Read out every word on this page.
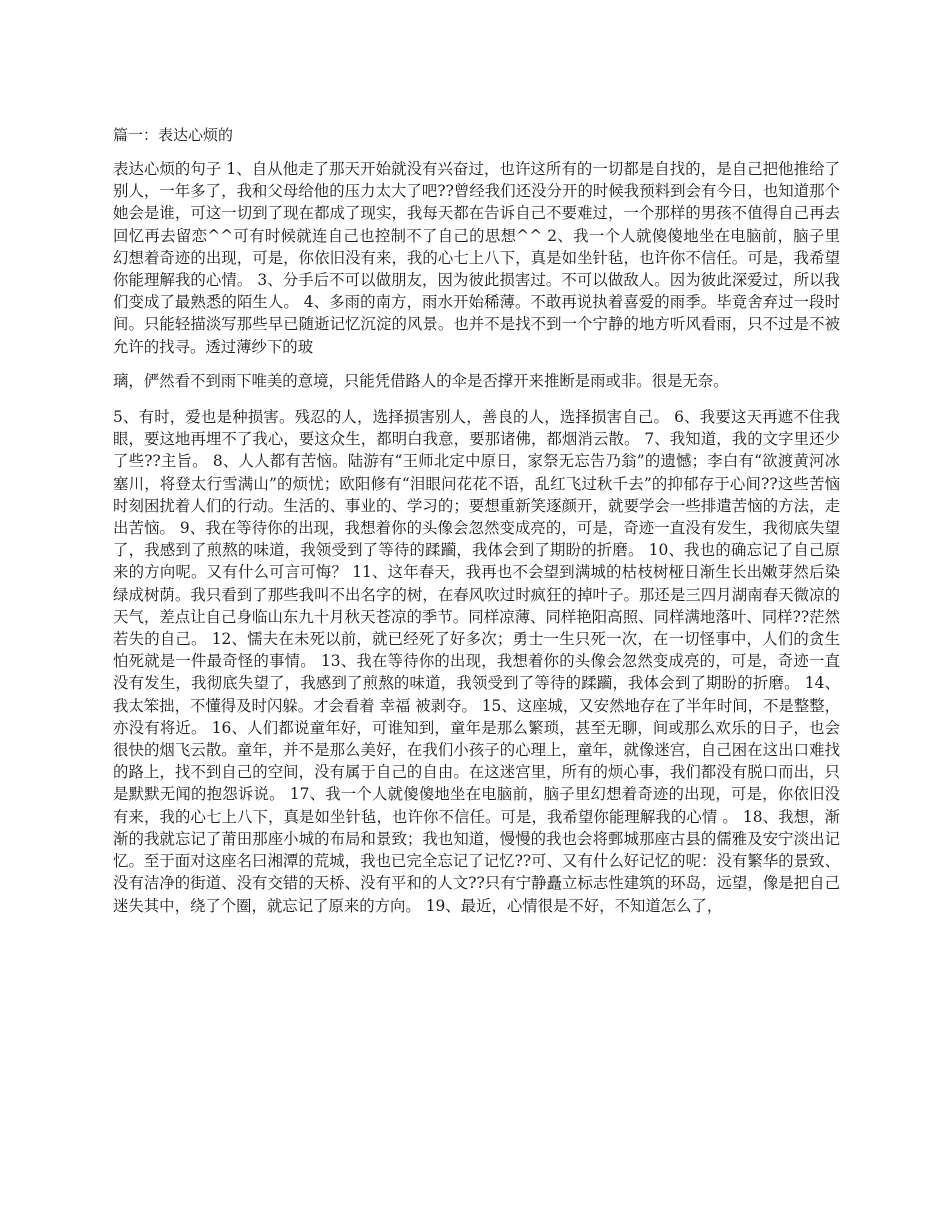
篇一：表达心烦的

表达心烦的句子 1、自从他走了那天开始就没有兴奋过，也许这所有的一切都是自找的，是自己把他推给了别人，一年多了，我和父母给他的压力太大了吧??曾经我们还没分开的时候我预料到会有今日，也知道那个她会是谁，可这一切到了现在都成了现实，我每天都在告诉自己不要难过，一个那样的男孩不值得自己再去回忆再去留恋^^可有时候就连自己也控制不了自己的思想^^ 2、我一个人就傻傻地坐在电脑前，脑子里幻想着奇迹的出现，可是，你依旧没有来，我的心七上八下，真是如坐针毡，也许你不信任。可是，我希望你能理解我的心情。 3、分手后不可以做朋友，因为彼此损害过。不可以做敌人。因为彼此深爱过，所以我们变成了最熟悉的陌生人。 4、多雨的南方，雨水开始稀薄。不敢再说执着喜爱的雨季。毕竟舍弃过一段时间。只能轻描淡写那些早已随逝记忆沉淀的风景。也并不是找不到一个宁静的地方听风看雨，只不过是不被允许的找寻。透过薄纱下的玻

璃，俨然看不到雨下唯美的意境，只能凭借路人的伞是否撑开来推断是雨或非。很是无奈。

5、有时，爱也是种损害。残忍的人，选择损害别人，善良的人，选择损害自己。 6、我要这天再遮不住我眼，要这地再埋不了我心，要这众生，都明白我意，要那诸佛，都烟消云散。 7、我知道，我的文字里还少了些??主旨。 8、人人都有苦恼。陆游有“王师北定中原日，家祭无忘告乃翁”的遗憾；李白有“欲渡黄河冰塞川，将登太行雪满山”的烦忧；欧阳修有“泪眼问花花不语，乱红飞过秋千去”的抑郁存于心间??这些苦恼时刻困扰着人们的行动。生活的、事业的、学习的；要想重新笑逐颜开，就要学会一些排遣苦恼的方法，走出苦恼。 9、我在等待你的出现，我想着你的头像会忽然变成亮的，可是，奇迹一直没有发生，我彻底失望了，我感到了煎熬的味道，我领受到了等待的蹂躏，我体会到了期盼的折磨。 10、我也的确忘记了自己原来的方向呢。又有什么可言可悔？ 11、这年春天，我再也不会望到满城的枯枝树桠日渐生长出嫩芽然后染绿成树荫。我只看到了那些我叫不出名字的树，在春风吹过时疯狂的掉叶子。那还是三四月湖南春天微凉的天气，差点让自己身临山东九十月秋天苍凉的季节。同样凉薄、同样艳阳高照、同样满地落叶、同样??茫然若失的自己。 12、懦夫在未死以前，就已经死了好多次；勇士一生只死一次，在一切怪事中，人们的贪生怕死就是一件最奇怪的事情。 13、我在等待你的出现，我想着你的头像会忽然变成亮的，可是，奇迹一直没有发生，我彻底失望了，我感到了煎熬的味道，我领受到了等待的蹂躏，我体会到了期盼的折磨。 14、我太笨拙，不懂得及时闪躲。才会看着 幸福 被剥夺。 15、这座城，又安然地存在了半年时间，不是整整，亦没有将近。 16、人们都说童年好，可谁知到，童年是那么繁琐，甚至无聊，间或那么欢乐的日子，也会很快的烟飞云散。童年，并不是那么美好，在我们小孩子的心理上，童年，就像迷宫，自己困在这出口难找的路上，找不到自己的空间，没有属于自己的自由。在这迷宫里，所有的烦心事，我们都没有脱口而出，只是默默无闻的抱怨诉说。 17、我一个人就傻傻地坐在电脑前，脑子里幻想着奇迹的出现，可是，你依旧没有来，我的心七上八下，真是如坐针毡，也许你不信任。可是，我希望你能理解我的心情 。 18、我想，渐渐的我就忘记了莆田那座小城的布局和景致；我也知道，慢慢的我也会将鄄城那座古县的儒雅及安宁淡出记忆。至于面对这座名曰湘潭的荒城，我也已完全忘记了记忆??可、又有什么好记忆的呢：没有繁华的景致、没有洁净的街道、没有交错的天桥、没有平和的人文??只有宁静矗立标志性建筑的环岛，远望，像是把自己迷失其中，绕了个圈，就忘记了原来的方向。 19、最近，心情很是不好，不知道怎么了，
